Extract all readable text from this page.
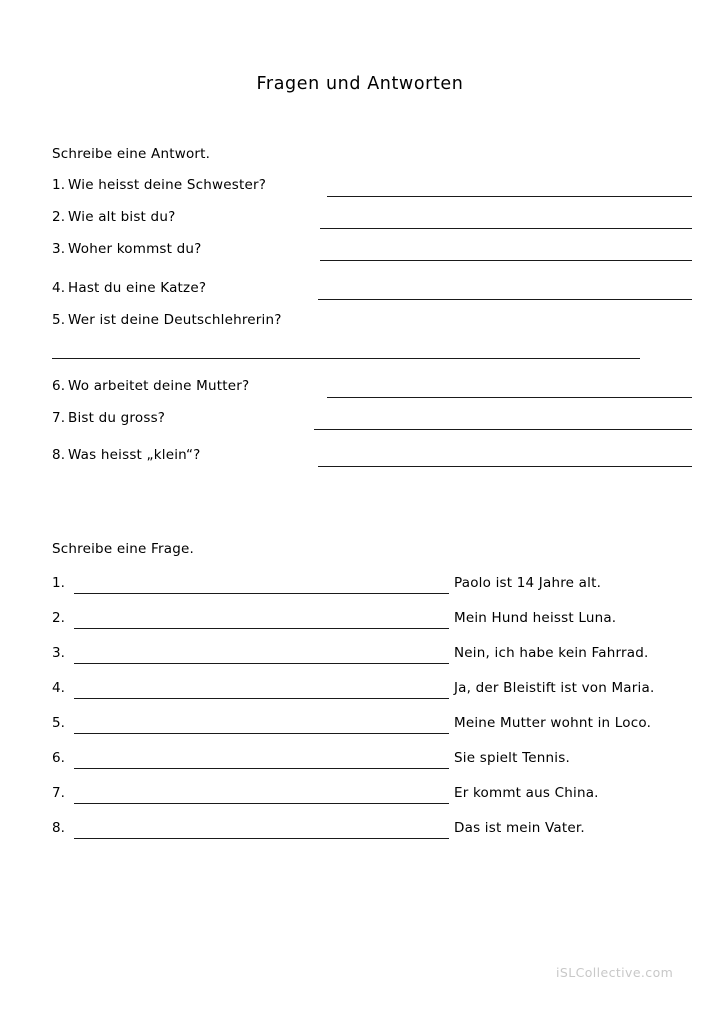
Fragen und Antworten
Schreibe eine Antwort.
1. Wie heisst deine Schwester?
2. Wie alt bist du?
3. Woher kommst du?
4. Hast du eine Katze?
5. Wer ist deine Deutschlehrerin?
6. Wo arbeitet deine Mutter?
7. Bist du gross?
8. Was heisst „klein“?
Schreibe eine Frage.
1.	Paolo ist 14 Jahre alt.
2.	Mein Hund heisst Luna.
3.	Nein, ich habe kein Fahrrad.
4.	Ja, der Bleistift ist von Maria.
5.	Meine Mutter wohnt in Loco.
6.	Sie spielt Tennis.
7.	Er kommt aus China.
8.	Das ist mein Vater.
iSLCollective.com
